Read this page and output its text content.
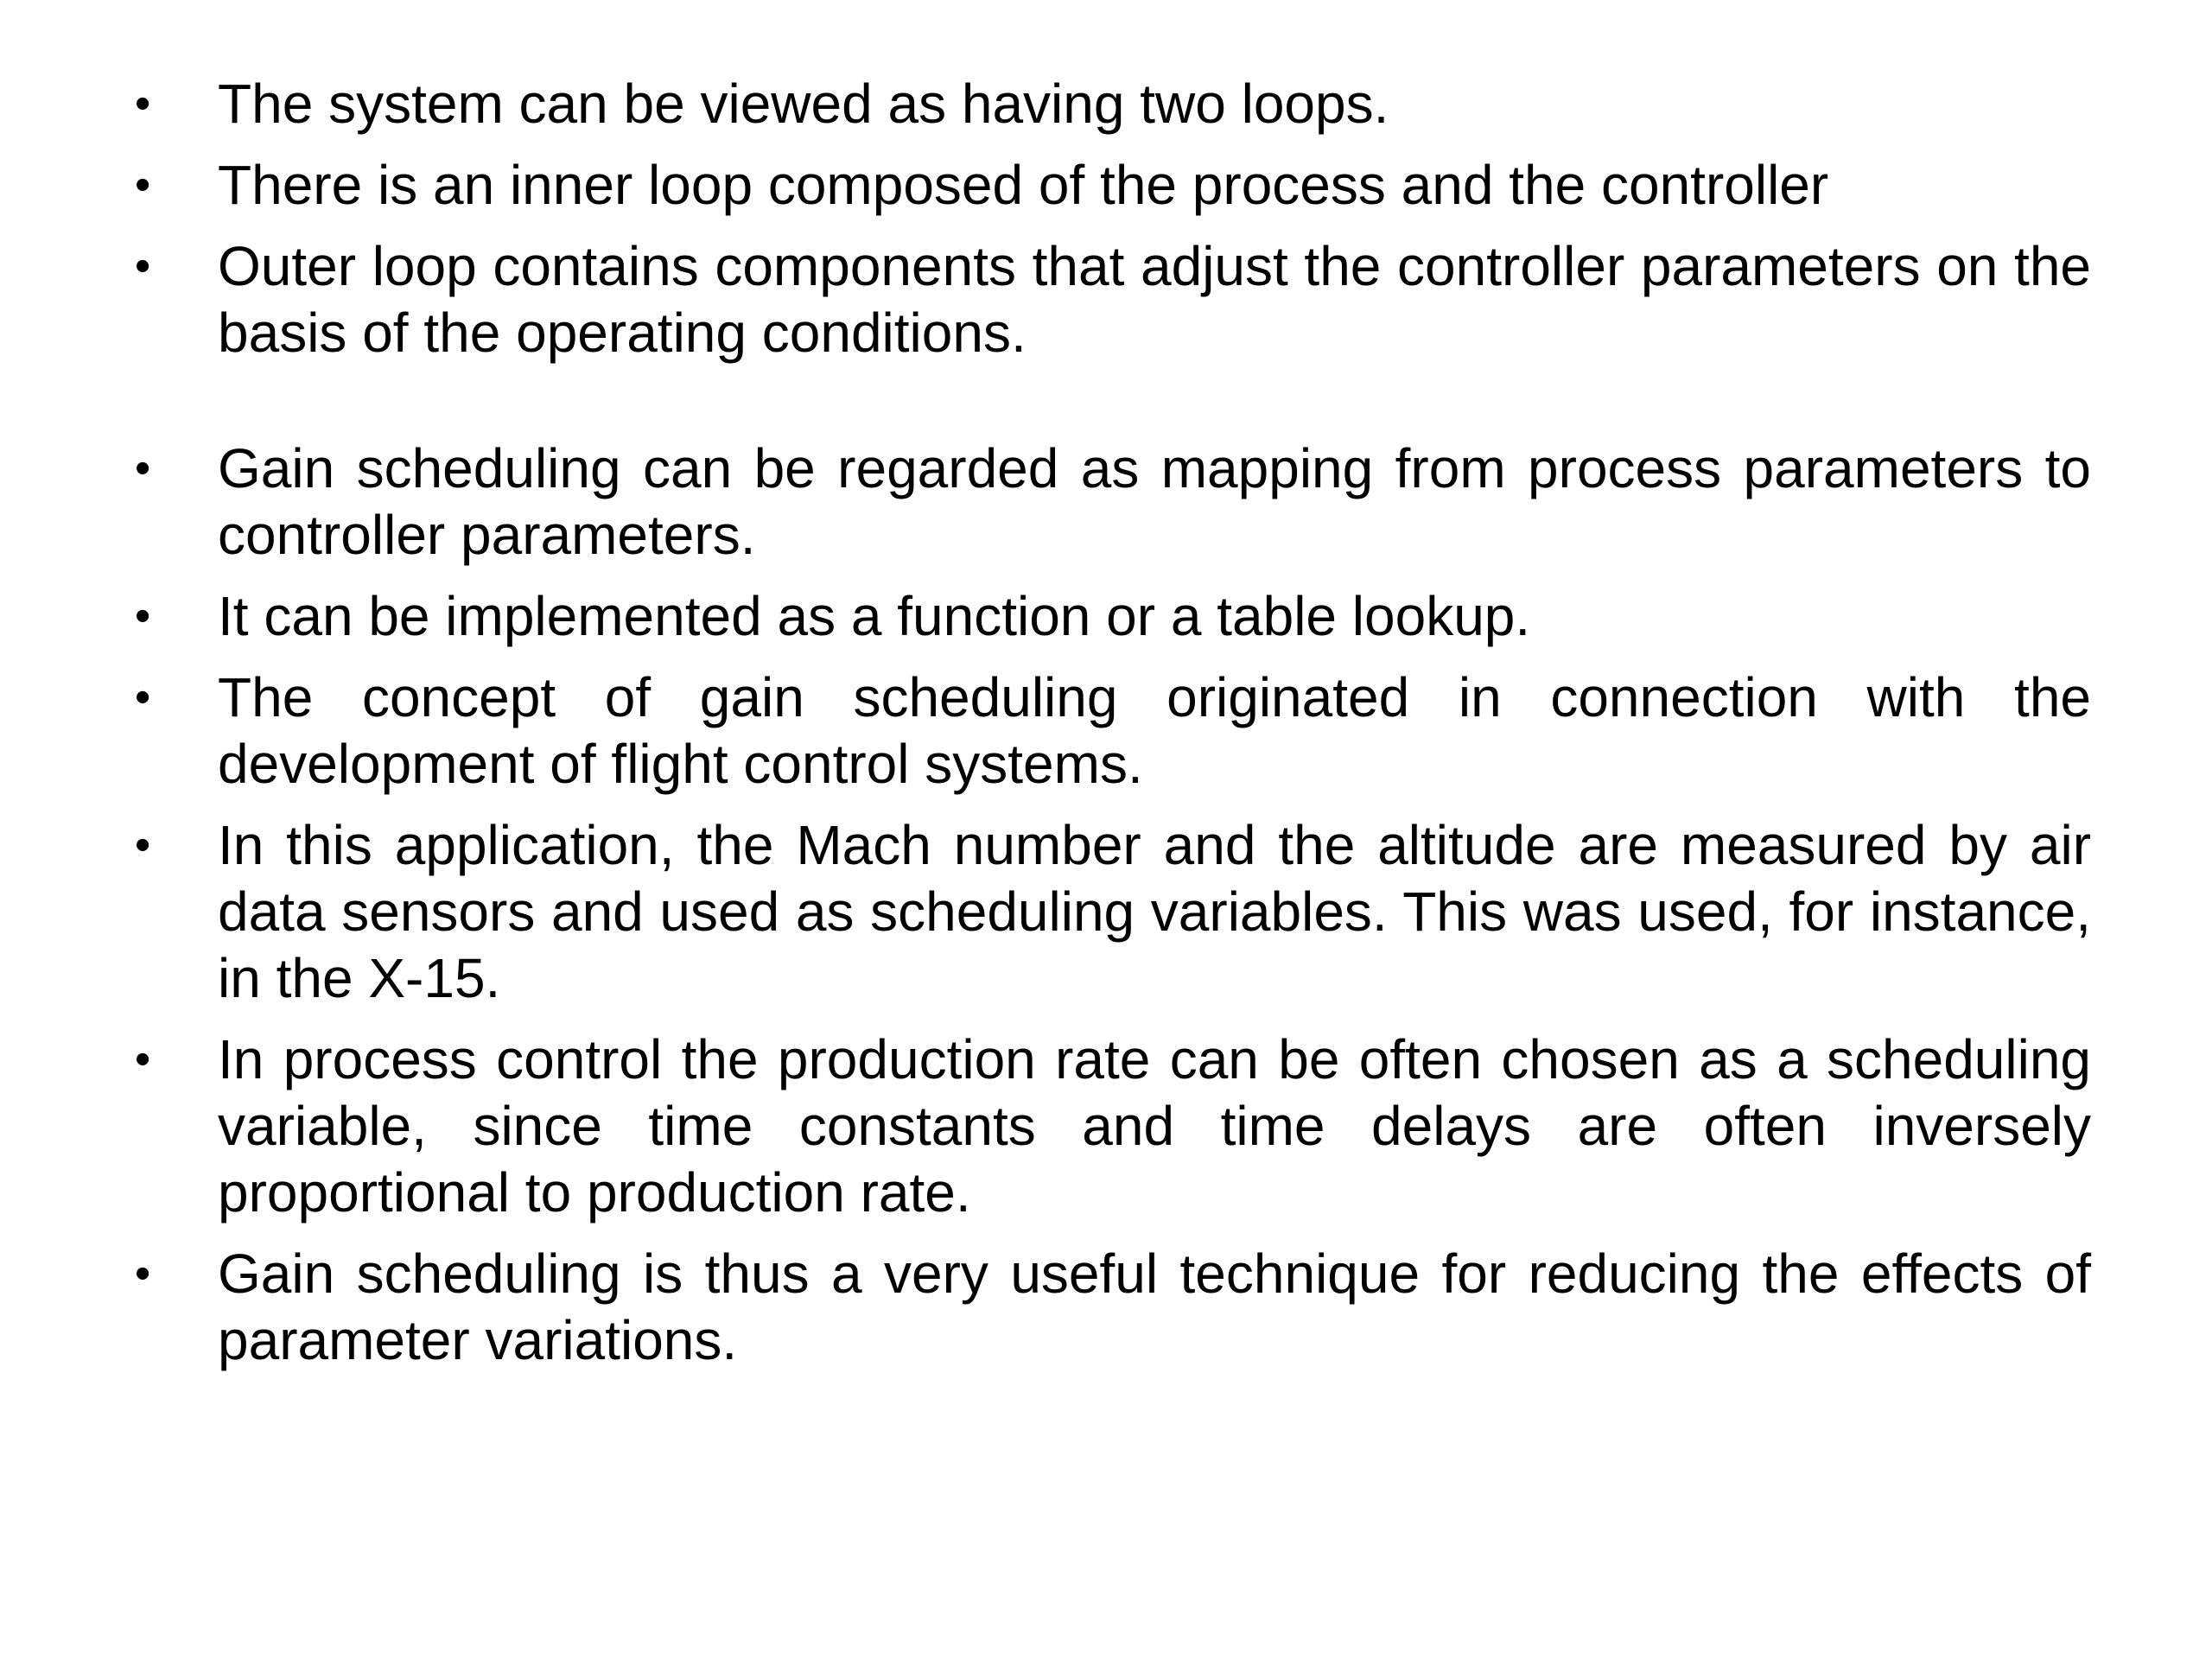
•	The system can be viewed as having two loops.
•	There is an inner loop composed of the process and the controller
•	Outer loop contains components that adjust the controller parameters on the basis of the operating conditions.
•	Gain scheduling can be regarded as mapping from process parameters to controller parameters.
•	It can be implemented as a function or a table lookup.
•	The concept of gain scheduling originated in connection with the development of flight control systems.
•	In this application, the Mach number and the altitude are measured by air data sensors and used as scheduling variables. This was used, for instance, in the X-15.
•	In process control the production rate can be often chosen as a scheduling variable, since time constants and time delays are often inversely proportional to production rate.
•	Gain scheduling is thus a very useful technique for reducing the effects of parameter variations.
